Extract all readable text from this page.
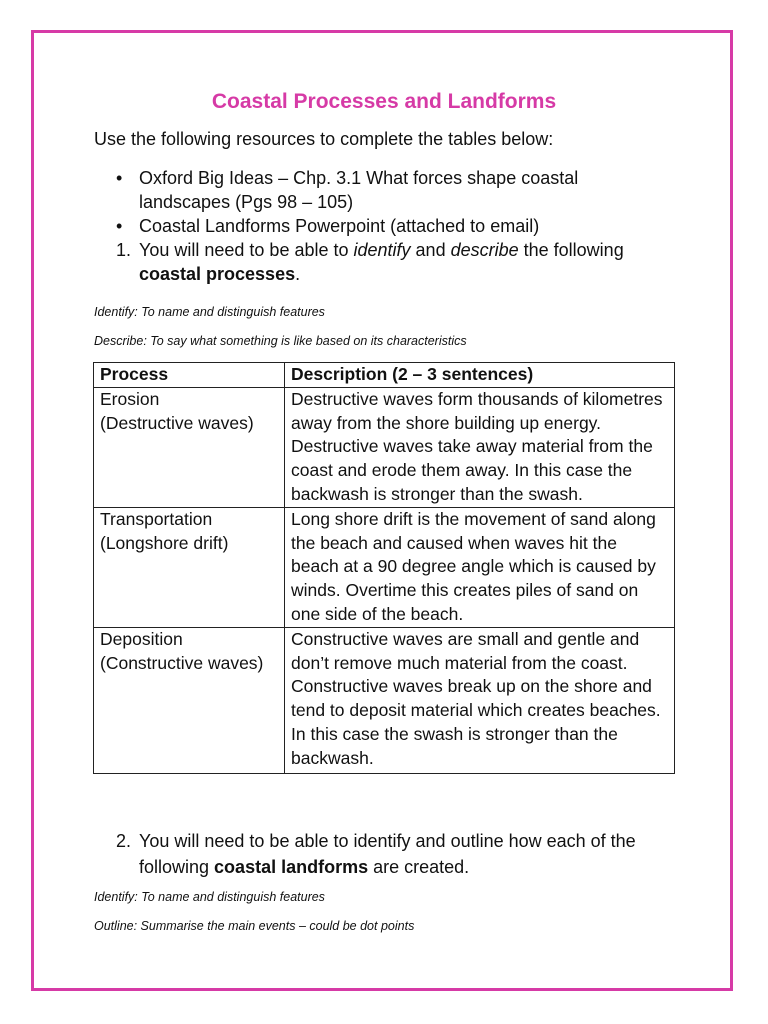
Coastal Processes and Landforms
Use the following resources to complete the tables below:
• Oxford Big Ideas – Chp. 3.1 What forces shape coastal landscapes (Pgs 98 – 105)
• Coastal Landforms Powerpoint (attached to email)
1. You will need to be able to identify and describe the following coastal processes.
Identify: To name and distinguish features
Describe: To say what something is like based on its characteristics
Process	Description (2 – 3 sentences)
Erosion
(Destructive waves)	Destructive waves form thousands of kilometres away from the shore building up energy. Destructive waves take away material from the coast and erode them away. In this case the backwash is stronger than the swash.
Transportation
(Longshore drift)	Long shore drift is the movement of sand along the beach and caused when waves hit the beach at a 90 degree angle which is caused by winds. Overtime this creates piles of sand on one side of the beach.
Deposition
(Constructive waves)	Constructive waves are small and gentle and don’t remove much material from the coast. Constructive waves break up on the shore and tend to deposit material which creates beaches. In this case the swash is stronger than the backwash.
2. You will need to be able to identify and outline how each of the following coastal landforms are created.
Identify: To name and distinguish features
Outline: Summarise the main events – could be dot points
